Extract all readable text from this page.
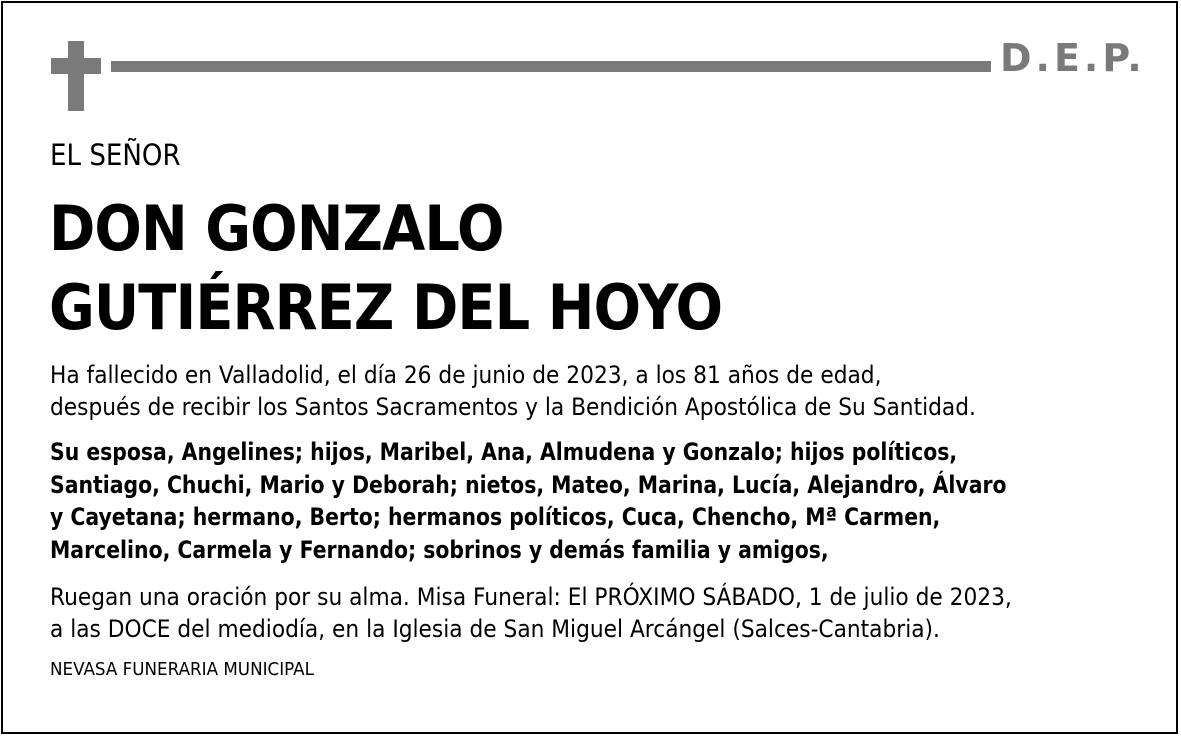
D.E.P.
EL SEÑOR
DON GONZALO
GUTIÉRREZ DEL HOYO
Ha fallecido en Valladolid, el día 26 de junio de 2023, a los 81 años de edad,
después de recibir los Santos Sacramentos y la Bendición Apostólica de Su Santidad.
Su esposa, Angelines; hijos, Maribel, Ana, Almudena y Gonzalo; hijos políticos,
Santiago, Chuchi, Mario y Deborah; nietos, Mateo, Marina, Lucía, Alejandro, Álvaro
y Cayetana; hermano, Berto; hermanos políticos, Cuca, Chencho, Mª Carmen,
Marcelino, Carmela y Fernando; sobrinos y demás familia y amigos,
Ruegan una oración por su alma. Misa Funeral: El PRÓXIMO SÁBADO, 1 de julio de 2023,
a las DOCE del mediodía, en la Iglesia de San Miguel Arcángel (Salces-Cantabria).
NEVASA FUNERARIA MUNICIPAL
